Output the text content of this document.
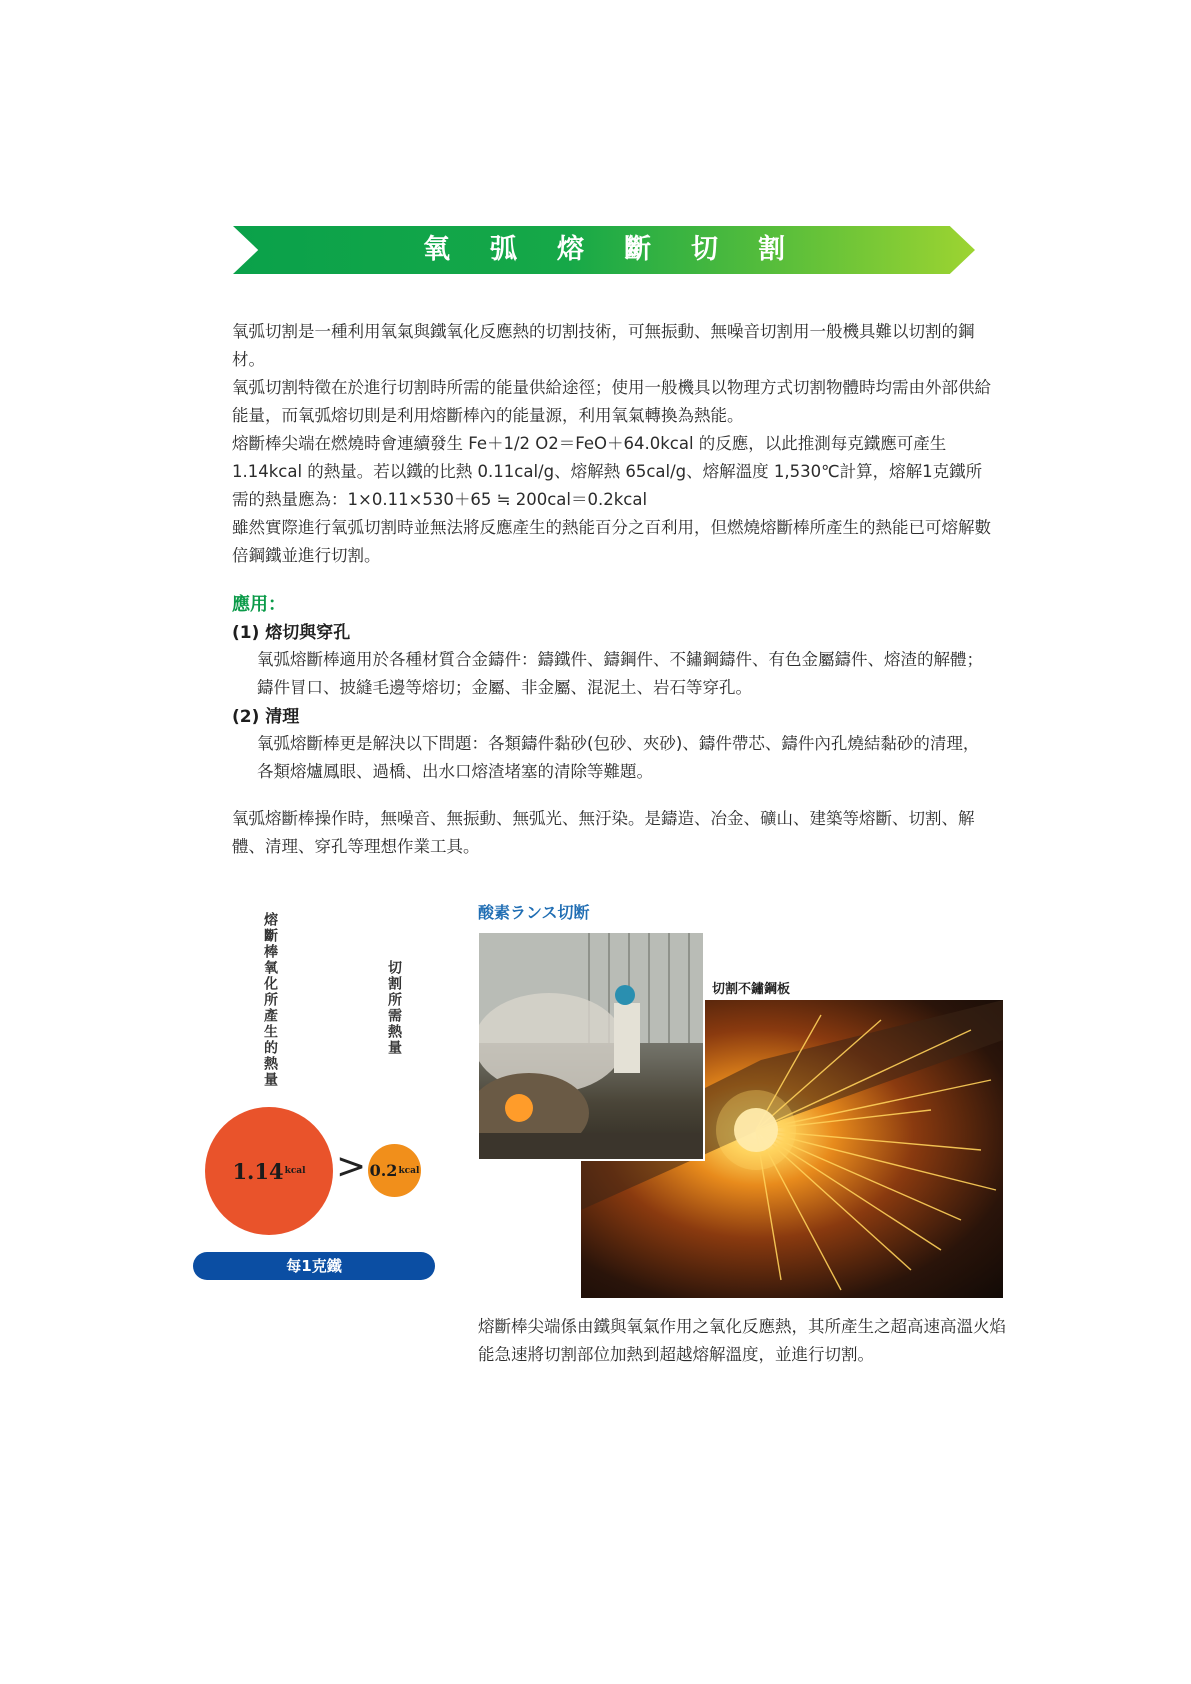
氧弧熔斷切割

氧弧切割是一種利用氧氣與鐵氧化反應熱的切割技術，可無振動、無噪音切割用一般機具難以切割的鋼材。

氧弧切割特徵在於進行切割時所需的能量供給途徑；使用一般機具以物理方式切割物體時均需由外部供給能量，而氧弧熔切則是利用熔斷棒內的能量源，利用氧氣轉換為熱能。

熔斷棒尖端在燃燒時會連續發生 Fe＋1/2 O2＝FeO＋64.0kcal 的反應，以此推測每克鐵應可產生1.14kcal 的熱量。若以鐵的比熱 0.11cal/g、熔解熱 65cal/g、熔解溫度 1,530℃計算，熔解1克鐵所需的熱量應為：1×0.11×530＋65 ≒ 200cal＝0.2kcal

雖然實際進行氧弧切割時並無法將反應產生的熱能百分之百利用，但燃燒熔斷棒所產生的熱能已可熔解數倍鋼鐵並進行切割。

應用：
(1) 熔切與穿孔
氧弧熔斷棒適用於各種材質合金鑄件：鑄鐵件、鑄鋼件、不鏽鋼鑄件、有色金屬鑄件、熔渣的解體；鑄件冒口、披縫毛邊等熔切；金屬、非金屬、混泥土、岩石等穿孔。
(2) 清理
氧弧熔斷棒更是解決以下問題：各類鑄件黏砂(包砂、夾砂)、鑄件帶芯、鑄件內孔燒結黏砂的清理，各類熔爐鳳眼、過橋、出水口熔渣堵塞的清除等難題。
氧弧熔斷棒操作時，無噪音、無振動、無弧光、無汙染。是鑄造、冶金、礦山、建築等熔斷、切割、解體、清理、穿孔等理想作業工具。
熔斷棒氧化所產生的熱量	切割所需熱量
1.14 kcal > 0.2 kcal
每1克鐵
酸素ランス切断
切割不鏽鋼板
熔斷棒尖端係由鐵與氧氣作用之氧化反應熱，其所產生之超高速高溫火焰能急速將切割部位加熱到超越熔解溫度，並進行切割。
